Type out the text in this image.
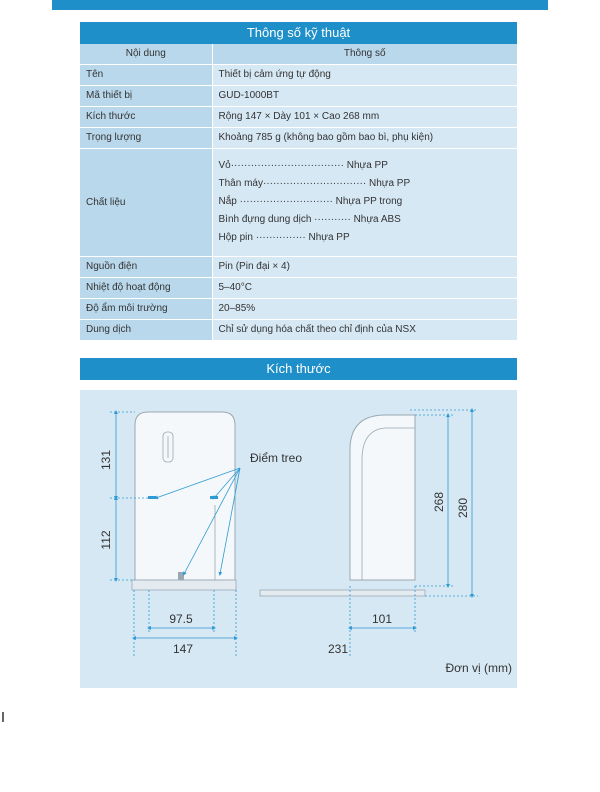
Thông số kỹ thuật
Nội dung	Thông số
Tên	Thiết bị cảm ứng tự động
Mã thiết bị	GUD-1000BT
Kích thước	Rộng 147 × Dày 101 × Cao 268 mm
Trọng lượng	Khoảng 785 g (không bao gồm bao bì, phụ kiện)
Chất liệu	Vỏ·································· Nhựa PP
Thân máy······························· Nhựa PP
Nắp ···························· Nhựa PP trong
Bình đựng dung dịch ··········· Nhựa ABS
Hộp pin ··············· Nhựa PP

Nguồn điện	Pin (Pin đại × 4)
Nhiệt độ hoạt động	5–40°C
Độ ẩm môi trường	20–85%
Dung dịch	Chỉ sử dụng hóa chất theo chỉ định của NSX
Kích thước
Điểm treo
131
112
97.5
147
268 280
101
231
Đơn vị (mm)
